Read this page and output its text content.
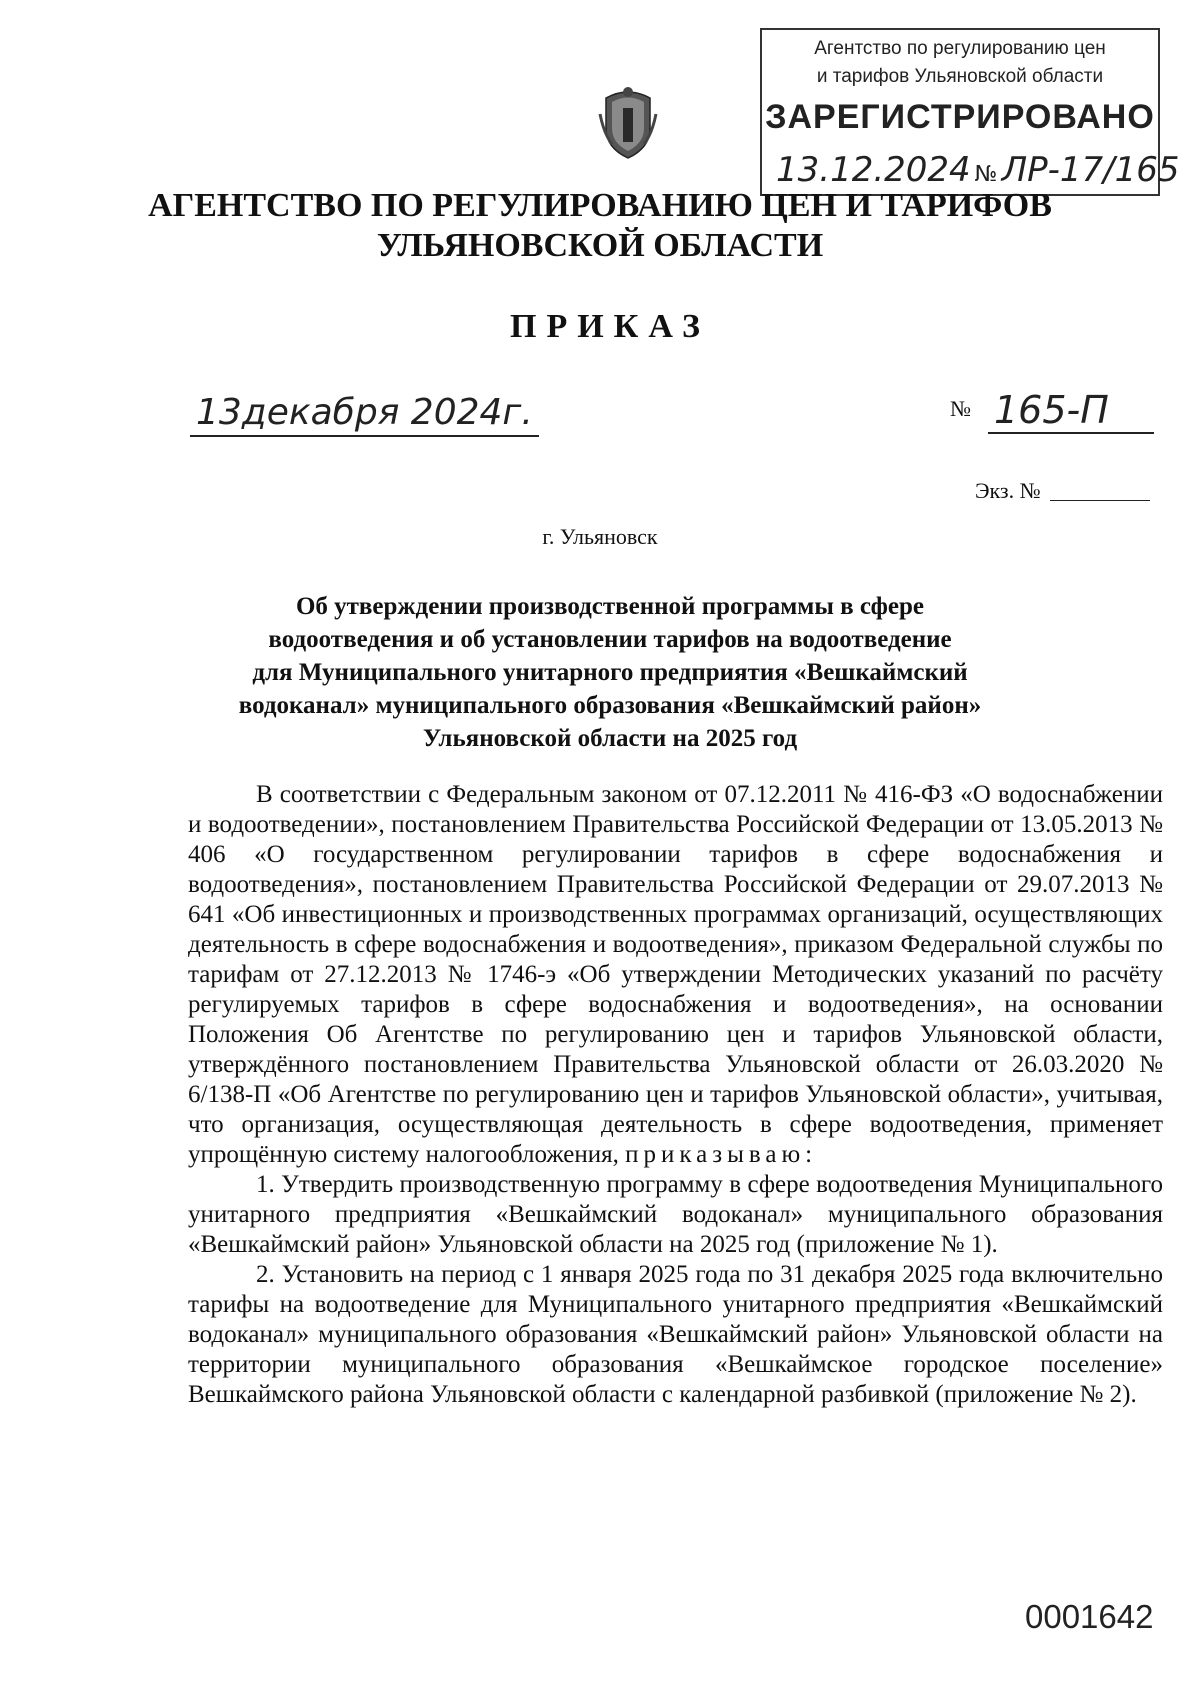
Агентство по регулированию цен
и тарифов Ульяновской области
ЗАРЕГИСТРИРОВАНО
13.12.2024 № ЛР-17/165
АГЕНТСТВО ПО РЕГУЛИРОВАНИЮ ЦЕН И ТАРИФОВ
УЛЬЯНОВСКОЙ ОБЛАСТИ
ПРИКАЗ
13декабря 2024г.	№ 165-П
Экз. №
г. Ульяновск
Об утверждении производственной программы в сфере
водоотведения и об установлении тарифов на водоотведение
для Муниципального унитарного предприятия «Вешкаймский
водоканал» муниципального образования «Вешкаймский район»
Ульяновской области на 2025 год

В соответствии с Федеральным законом от 07.12.2011 № 416-ФЗ «О водоснабжении и водоотведении», постановлением Правительства Российской Федерации от 13.05.2013 № 406 «О государственном регулировании тарифов в сфере водоснабжения и водоотведения», постановлением Правительства Российской Федерации от 29.07.2013 № 641 «Об инвестиционных и производственных программах организаций, осуществляющих деятельность в сфере водоснабжения и водоотведения», приказом Федеральной службы по тарифам от 27.12.2013 № 1746-э «Об утверждении Методических указаний по расчёту регулируемых тарифов в сфере водоснабжения и водоотведения», на основании Положения Об Агентстве по регулированию цен и тарифов Ульяновской области, утверждённого постановлением Правительства Ульяновской области от 26.03.2020 № 6/138-П «Об Агентстве по регулированию цен и тарифов Ульяновской области», учитывая, что организация, осуществляющая деятельность в сфере водоотведения, применяет упрощённую систему налогообложения, приказываю:

1. Утвердить производственную программу в сфере водоотведения Муниципального унитарного предприятия «Вешкаймский водоканал» муниципального образования «Вешкаймский район» Ульяновской области на 2025 год (приложение № 1).

2. Установить на период с 1 января 2025 года по 31 декабря 2025 года включительно тарифы на водоотведение для Муниципального унитарного предприятия «Вешкаймский водоканал» муниципального образования «Вешкаймский район» Ульяновской области на территории муниципального образования «Вешкаймское городское поселение» Вешкаймского района Ульяновской области с календарной разбивкой (приложение № 2).

0001642
